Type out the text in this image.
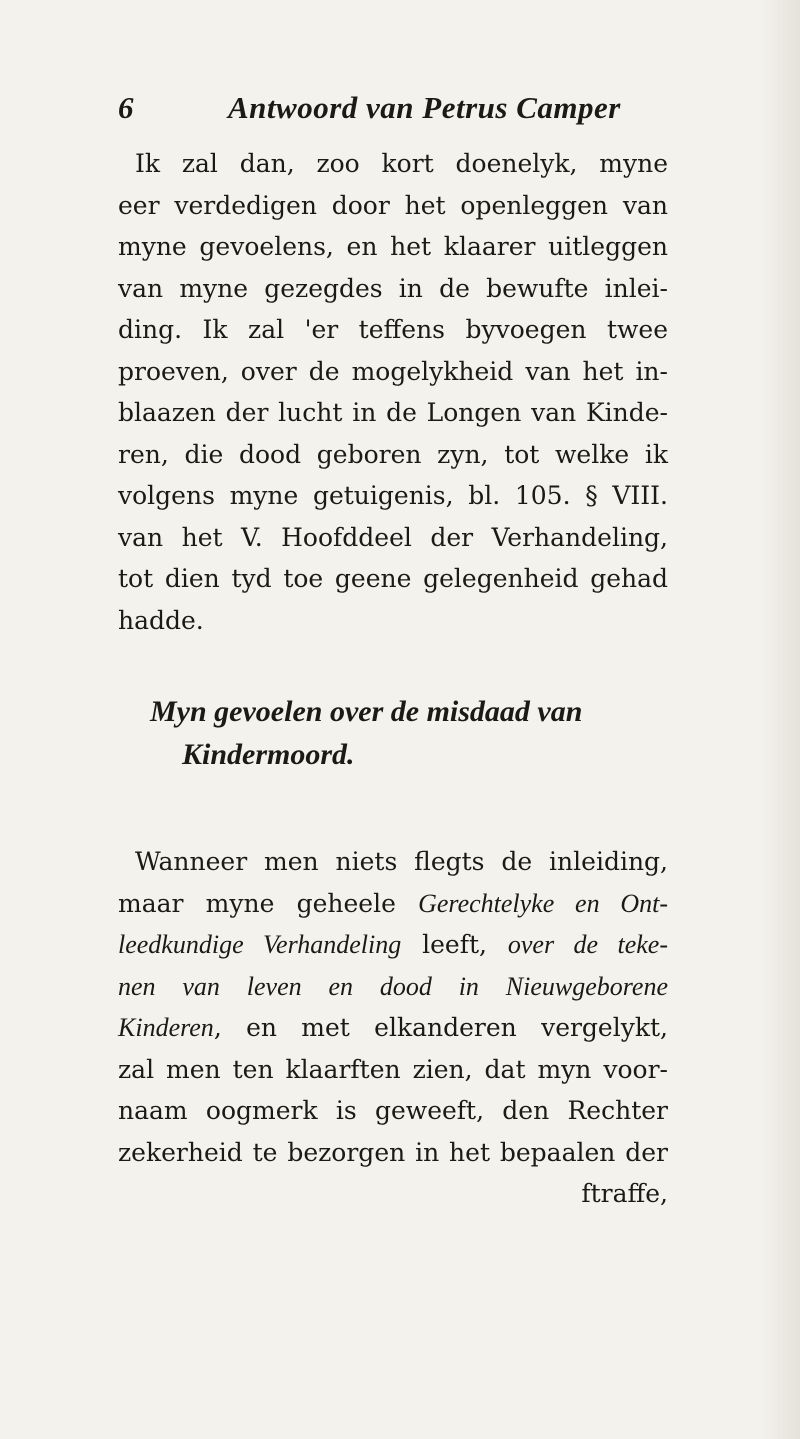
6	Antwoord van Petrus Camper
Ik zal dan, zoo kort doenelyk, myne
eer verdedigen door het openleggen van
myne gevoelens, en het klaarer uitleggen
van myne gezegdes in de bewufte inlei-
ding. Ik zal 'er teffens byvoegen twee
proeven, over de mogelykheid van het in-
blaazen der lucht in de Longen van Kinde-
ren, die dood geboren zyn, tot welke ik
volgens myne getuigenis, bl. 105. § VIII.
van het V. Hoofddeel der Verhandeling,
tot dien tyd toe geene gelegenheid gehad
hadde.
Myn gevoelen over de misdaad van
Kindermoord.
Wanneer men niets flegts de inleiding,
maar myne geheele Gerechtelyke en Ont-
leedkundige Verhandeling leeft, over de teke-
nen van leven en dood in Nieuwgeborene
Kinderen, en met elkanderen vergelykt,
zal men ten klaarften zien, dat myn voor-
naam oogmerk is geweeft, den Rechter
zekerheid te bezorgen in het bepaalen der
ftraffe,
